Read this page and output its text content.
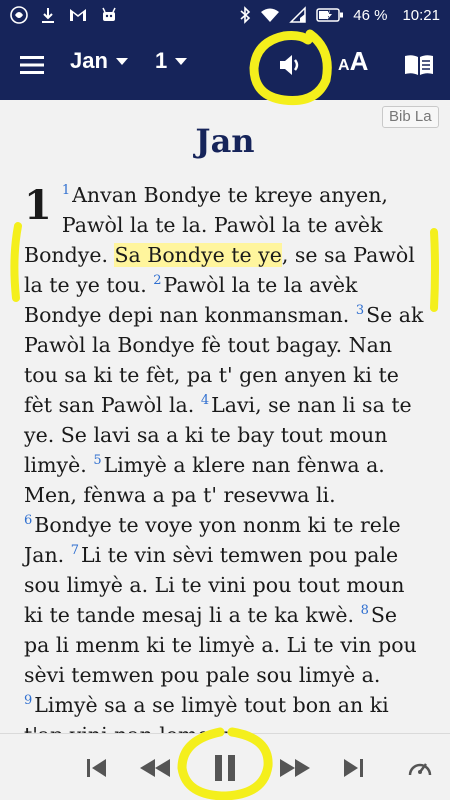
46 % 10:21
Jan 1	AA
Bib La
Jan
1 $^1$Anvan Bondye te kreye anyen, Pawòl la te la. Pawòl la te avèk Bondye. Sa Bondye te ye, se sa Pawòl la te ye tou. $^2$Pawòl la te la avèk Bondye depi nan konmansman. $^3$Se ak Pawòl la Bondye fè tout bagay. Nan tou sa ki te fèt, pa t' gen anyen ki te fèt san Pawòl la. $^4$Lavi, se nan li sa te ye. Se lavi sa a ki te bay tout moun limyè. $^5$Limyè a klere nan fènwa a. Men, fènwa a pa t' resevwa li.
$^6$Bondye te voye yon nonm ki te rele Jan. $^7$Li te vin sèvi temwen pou pale sou limyè a. Li te vini pou tout moun ki te tande mesaj li a te ka kwè. $^8$Se pa li menm ki te limyè a. Li te vin pou sèvi temwen pou pale sou limyè a. $^9$Limyè sa a se limyè tout bon an ki
